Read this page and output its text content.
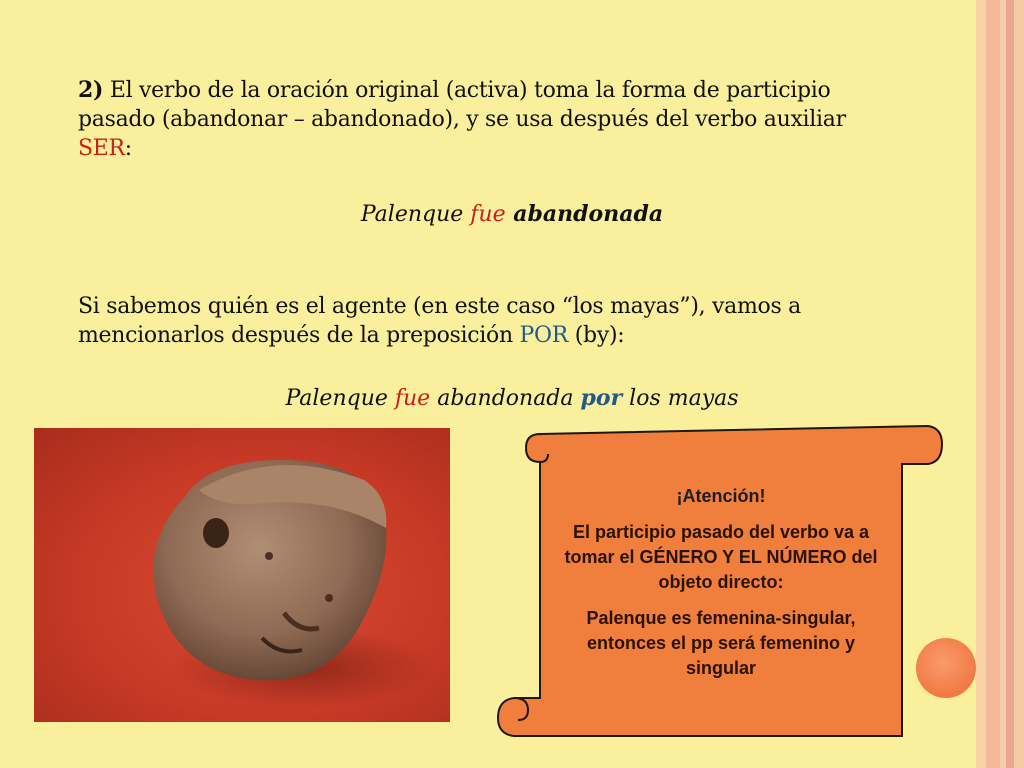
2) El verbo de la oración original (activa) toma la forma de participio
pasado (abandonar – abandonado), y se usa después del verbo auxiliar
SER:

Palenque fue abandonada

Si sabemos quién es el agente (en este caso “los mayas”), vamos a
mencionarlos después de la preposición POR (by):

Palenque fue abandonada por los mayas

¡Atención!
El participio pasado del verbo va a tomar el GÉNERO Y EL NÚMERO del objeto directo:
Palenque es femenina-singular, entonces el pp será femenino y singular
